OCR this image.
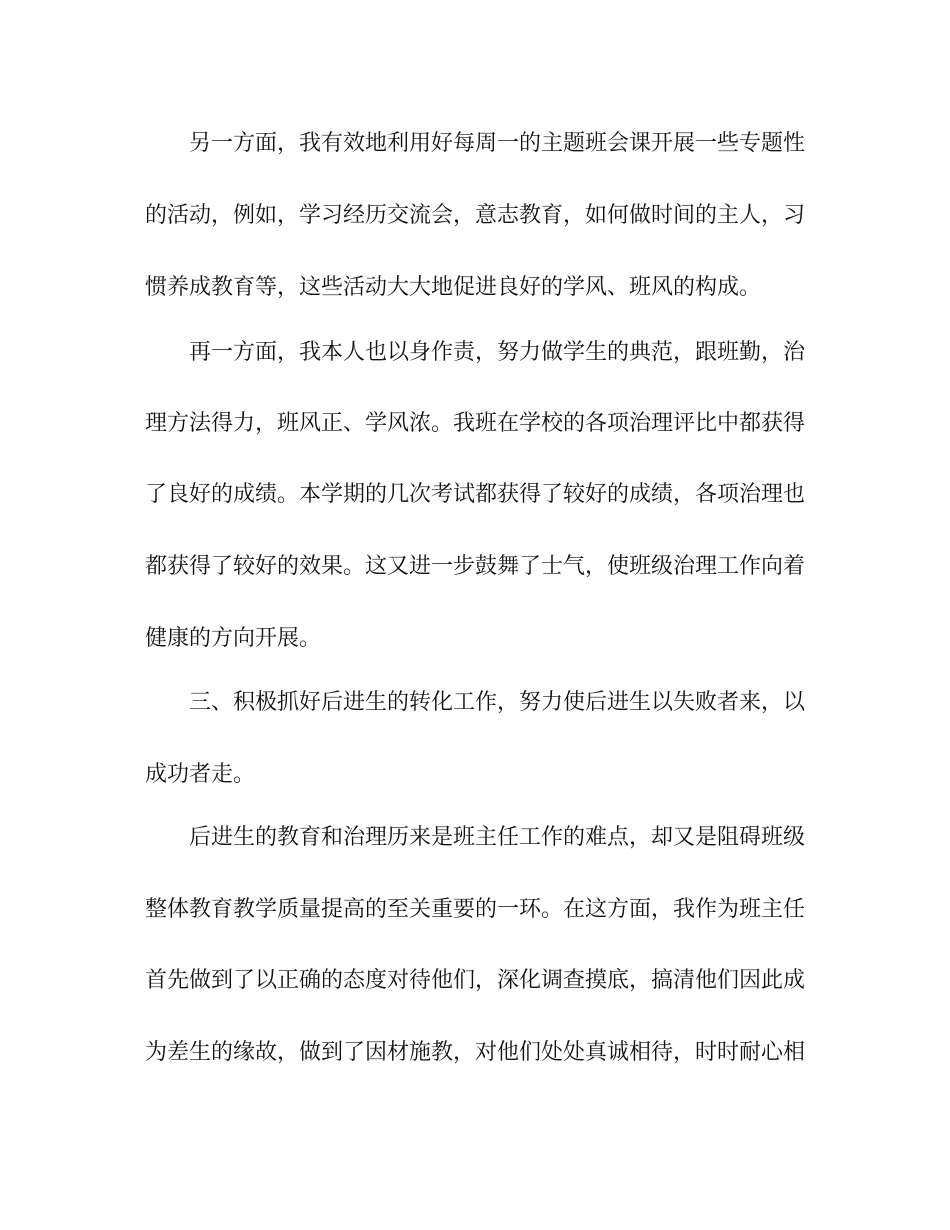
另一方面，我有效地利用好每周一的主题班会课开展一些专题性
的活动，例如，学习经历交流会，意志教育，如何做时间的主人，习
惯养成教育等，这些活动大大地促进良好的学风、班风的构成。
再一方面，我本人也以身作责，努力做学生的典范，跟班勤，治
理方法得力，班风正、学风浓。我班在学校的各项治理评比中都获得
了良好的成绩。本学期的几次考试都获得了较好的成绩，各项治理也
都获得了较好的效果。这又进一步鼓舞了士气，使班级治理工作向着
健康的方向开展。
三、积极抓好后进生的转化工作，努力使后进生以失败者来，以
成功者走。
后进生的教育和治理历来是班主任工作的难点，却又是阻碍班级
整体教育教学质量提高的至关重要的一环。在这方面，我作为班主任
首先做到了以正确的态度对待他们，深化调查摸底，搞清他们因此成
为差生的缘故，做到了因材施教，对他们处处真诚相待，时时耐心相
